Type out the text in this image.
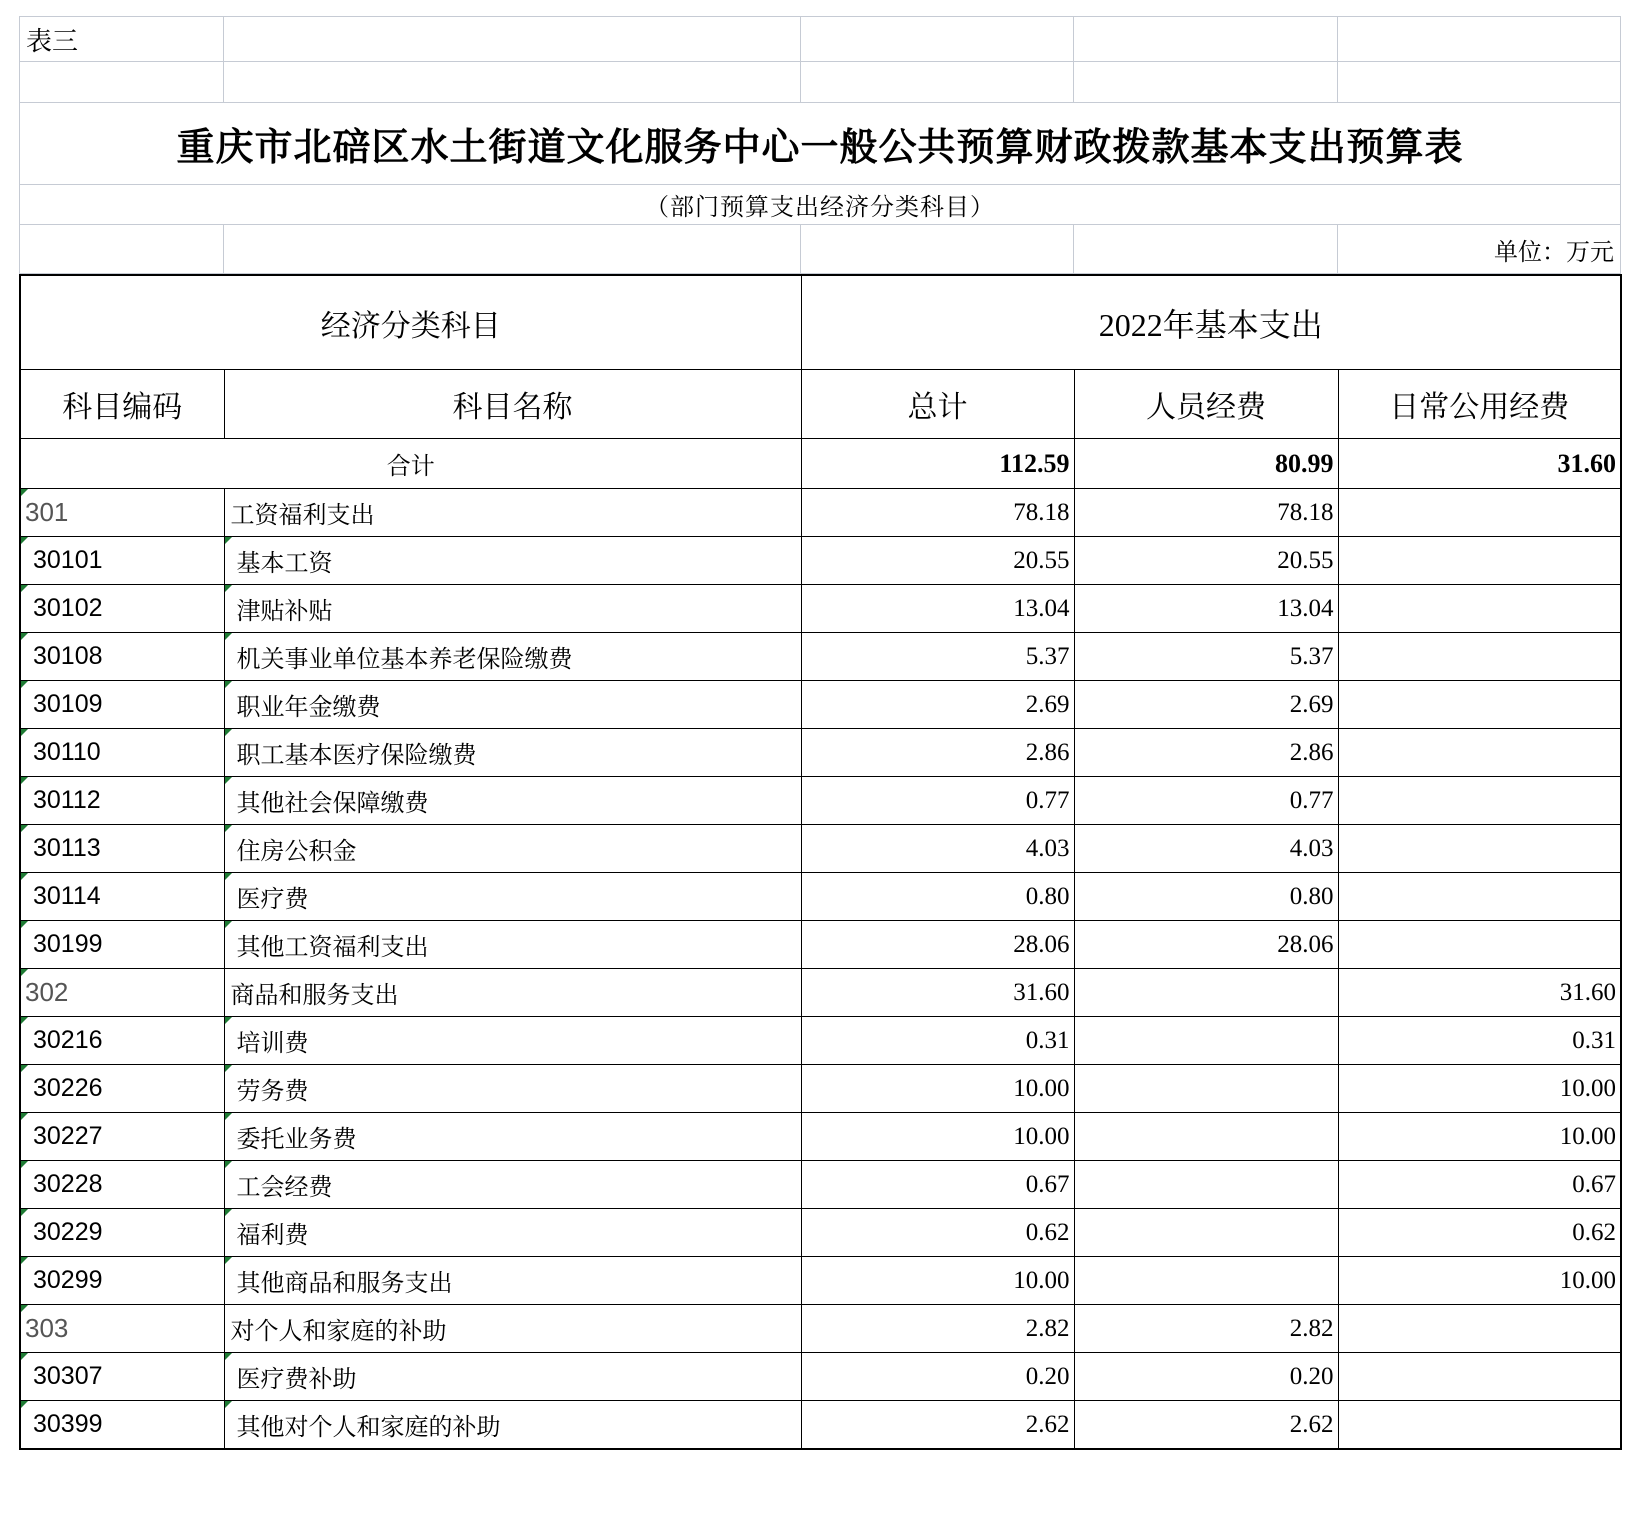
表三				

重庆市北碚区水土街道文化服务中心一般公共预算财政拨款基本支出预算表				
（部门预算支出经济分类科目）				
				单位：万元
经济分类科目		2022年基本支出		
科目编码	科目名称	总计	人员经费	日常公用经费
合计		112.59	80.99	31.60

301	工资福利支出	78.18	78.18	

30101	基本工资	20.55	20.55	

30102	津贴补贴	13.04	13.04	

30108	机关事业单位基本养老保险缴费	5.37	5.37	

30109	职业年金缴费	2.69	2.69	

30110	职工基本医疗保险缴费	2.86	2.86	

30112	其他社会保障缴费	0.77	0.77	

30113	住房公积金	4.03	4.03	

30114	医疗费	0.80	0.80	

30199	其他工资福利支出	28.06	28.06	

302	商品和服务支出	31.60		31.60

30216	培训费	0.31		0.31

30226	劳务费	10.00		10.00

30227	委托业务费	10.00		10.00

30228	工会经费	0.67		0.67

30229	福利费	0.62		0.62

30299	其他商品和服务支出	10.00		10.00

303	对个人和家庭的补助	2.82	2.82	

30307	医疗费补助	0.20	0.20	

30399	其他对个人和家庭的补助	2.62	2.62	
